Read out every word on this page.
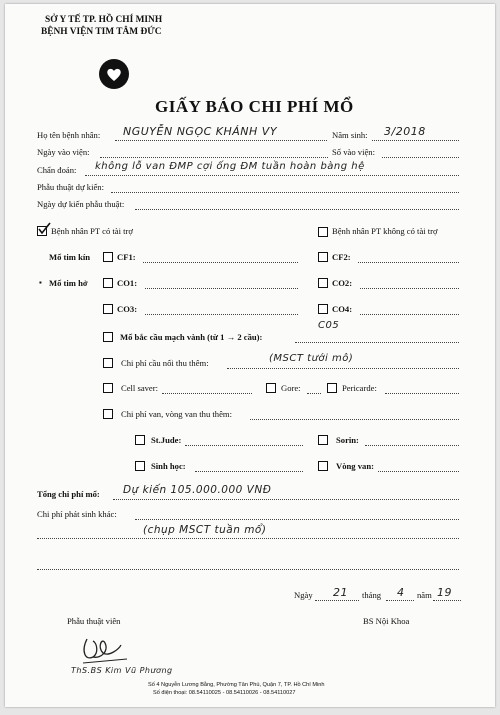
SỞ Y TẾ TP. HỒ CHÍ MINH
BỆNH VIỆN TIM TÂM ĐỨC
GIẤY BÁO CHI PHÍ MỔ
Họ tên bệnh nhân: NGUYỄN NGỌC KHÁNH VY	Năm sinh: 3/2018
Ngày vào viện:	Số vào viện:
Chẩn đoán: không lỗ van ĐMP cợi ống ĐM tuần hoàn bàng hệ
Phẫu thuật dự kiến:
Ngày dự kiến phẫu thuật:
Bệnh nhân PT có tài trợ	Bệnh nhân PT không có tài trợ
Mổ tim kín	CF1:	CF2:
▪ Mổ tim hở	CO1:	CO2:
CO3:	CO4:
C05
Mổ bắc cầu mạch vành (từ 1 → 2 cầu):
Chi phí cầu nối thu thêm:	(MSCT tưới mô)
Cell saver:	Gore:	Pericarde:
Chi phí van, vòng van thu thêm:
St.Jude:	Sorin:
Sinh học:	Vòng van:
Tổng chi phí mổ: Dự kiến 105.000.000 VNĐ
Chi phí phát sinh khác:
(chụp MSCT tuần mổ)
Ngày 21 tháng 4 năm 19
Phẫu thuật viên	BS Nội Khoa
ThS.BS Kim Vũ Phương
Số 4 Nguyễn Lương Bằng, Phường Tân Phú, Quận 7, TP. Hồ Chí Minh
Số điện thoại: 08.54110025 - 08.54110026 - 08.54110027
